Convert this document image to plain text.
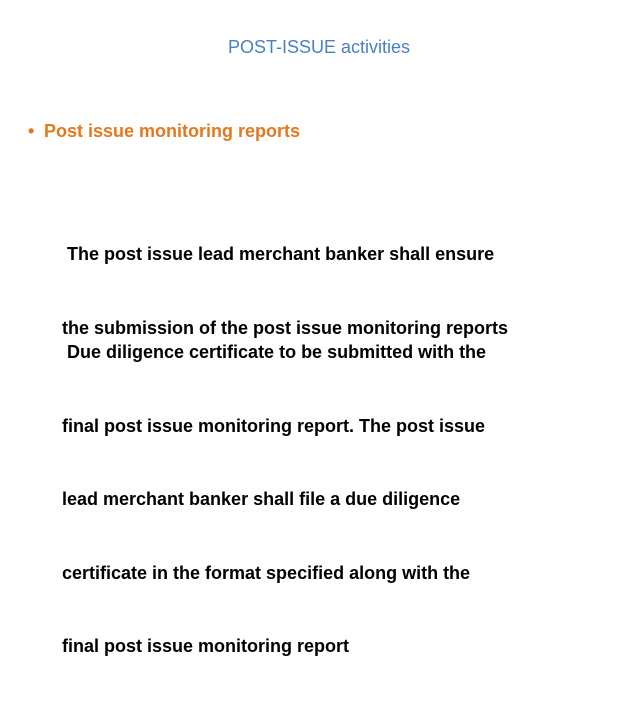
POST-ISSUE activities
• Post issue monitoring reports

The post issue lead merchant banker shall ensure

the submission of the post issue monitoring reports

Due diligence certificate to be submitted with the

final post issue monitoring report. The post issue

lead merchant banker shall file a due diligence

certificate in the format specified along with the

final post issue monitoring report
